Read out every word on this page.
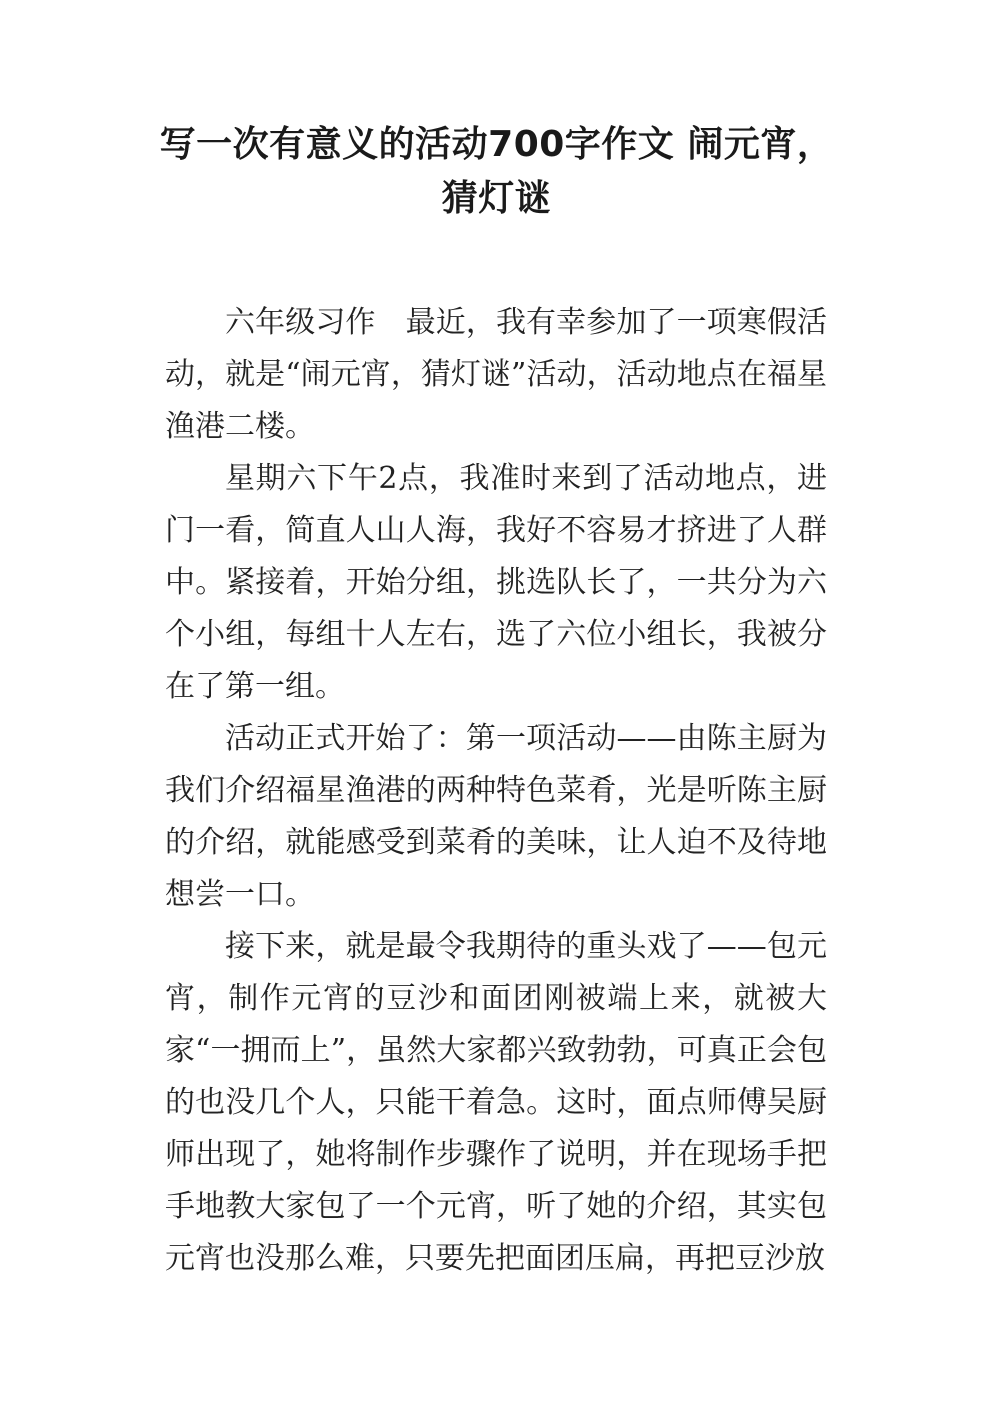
写一次有意义的活动700字作文 闹元宵，猜灯谜

六年级习作　最近，我有幸参加了一项寒假活动，就是“闹元宵，猜灯谜”活动，活动地点在福星渔港二楼。

星期六下午2点，我准时来到了活动地点，进门一看，简直人山人海，我好不容易才挤进了人群中。紧接着，开始分组，挑选队长了，一共分为六个小组，每组十人左右，选了六位小组长，我被分在了第一组。

活动正式开始了：第一项活动——由陈主厨为我们介绍福星渔港的两种特色菜肴，光是听陈主厨的介绍，就能感受到菜肴的美味，让人迫不及待地想尝一口。

接下来，就是最令我期待的重头戏了——包元宵，制作元宵的豆沙和面团刚被端上来，就被大家“一拥而上”，虽然大家都兴致勃勃，可真正会包的也没几个人，只能干着急。这时，面点师傅吴厨师出现了，她将制作步骤作了说明，并在现场手把手地教大家包了一个元宵，听了她的介绍，其实包元宵也没那么难，只要先把面团压扁，再把豆沙放
